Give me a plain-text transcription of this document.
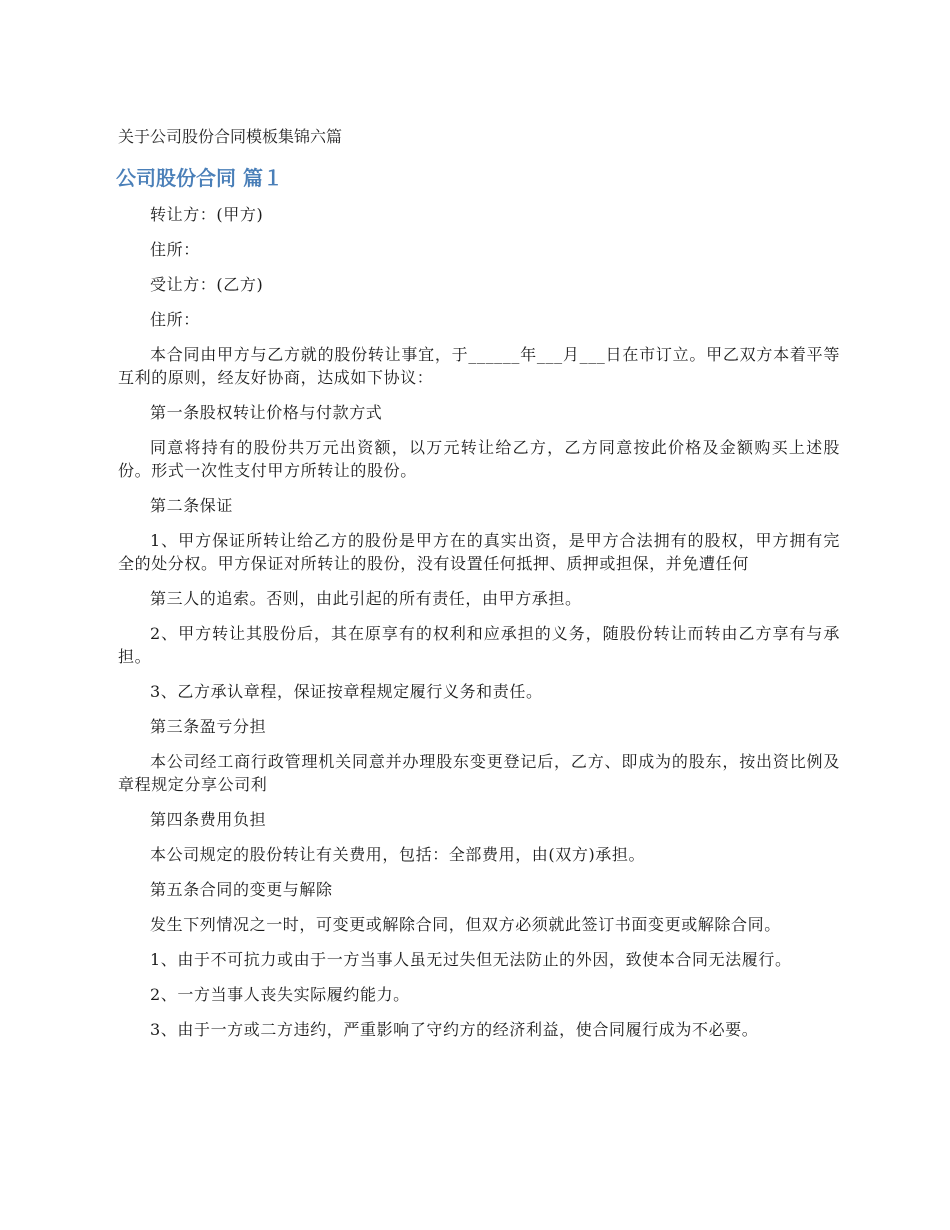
关于公司股份合同模板集锦六篇
公司股份合同 篇１

转让方：(甲方)

住所：

受让方：(乙方)

住所：

本合同由甲方与乙方就的股份转让事宜，于______年___月___日在市订立。甲乙双方本着平等互利的原则，经友好协商，达成如下协议：

第一条股权转让价格与付款方式

同意将持有的股份共万元出资额，以万元转让给乙方，乙方同意按此价格及金额购买上述股份。形式一次性支付甲方所转让的股份。

第二条保证

1、甲方保证所转让给乙方的股份是甲方在的真实出资，是甲方合法拥有的股权，甲方拥有完全的处分权。甲方保证对所转让的股份，没有设置任何抵押、质押或担保，并免遭任何

第三人的追索。否则，由此引起的所有责任，由甲方承担。

2、甲方转让其股份后，其在原享有的权利和应承担的义务，随股份转让而转由乙方享有与承担。

3、乙方承认章程，保证按章程规定履行义务和责任。

第三条盈亏分担

本公司经工商行政管理机关同意并办理股东变更登记后，乙方、即成为的股东，按出资比例及章程规定分享公司利

第四条费用负担

本公司规定的股份转让有关费用，包括：全部费用，由(双方)承担。

第五条合同的变更与解除

发生下列情况之一时，可变更或解除合同，但双方必须就此签订书面变更或解除合同。

1、由于不可抗力或由于一方当事人虽无过失但无法防止的外因，致使本合同无法履行。

2、一方当事人丧失实际履约能力。

3、由于一方或二方违约，严重影响了守约方的经济利益，使合同履行成为不必要。
